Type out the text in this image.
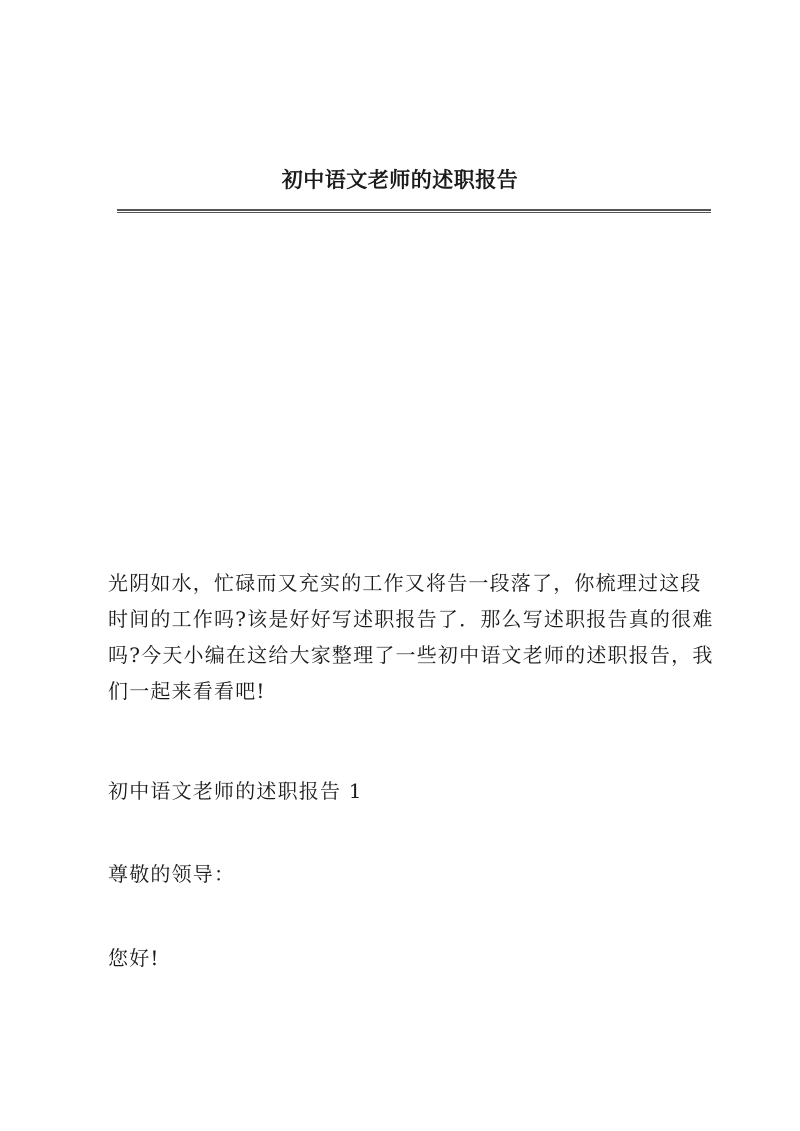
初中语文老师的述职报告

光阴如水，忙碌而又充实的工作又将告一段落了，你梳理过这段时间的工作吗?该是好好写述职报告了．那么写述职报告真的很难吗?今天小编在这给大家整理了一些初中语文老师的述职报告，我们一起来看看吧!

初中语文老师的述职报告 1

尊敬的领导：

您好!
